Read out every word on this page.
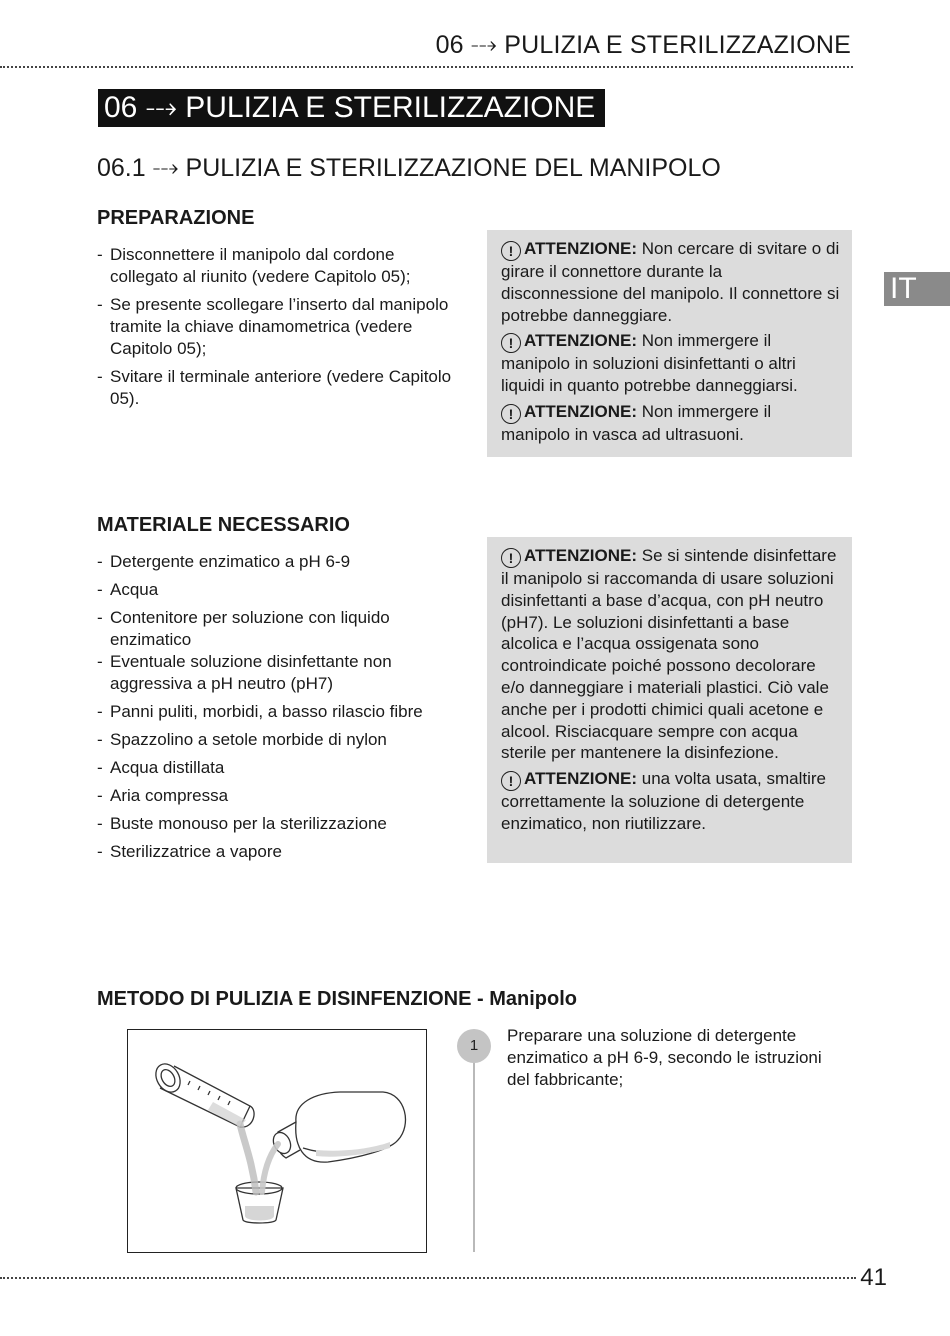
06 ⤏ PULIZIA E STERILIZZAZIONE
IT
06 ⤏ PULIZIA E STERILIZZAZIONE
06.1 ⤏ PULIZIA E STERILIZZAZIONE DEL MANIPOLO
PREPARAZIONE
- Disconnettere il manipolo dal cordone collegato al riunito (vedere Capitolo 05);
- Se presente scollegare l’inserto dal manipolo tramite la chiave dinamometrica (vedere Capitolo 05);
- Svitare il terminale anteriore (vedere Capitolo 05).
! ATTENZIONE: Non cercare di svitare o di girare il connettore durante la disconnessione del manipolo. Il connettore si potrebbe danneggiare.
! ATTENZIONE: Non immergere il manipolo in soluzioni disinfettanti o altri liquidi in quanto potrebbe danneggiarsi.
! ATTENZIONE: Non immergere il manipolo in vasca ad ultrasuoni.
MATERIALE NECESSARIO
- Detergente enzimatico a pH 6-9
- Acqua
- Contenitore per soluzione con liquido enzimatico
- Eventuale soluzione disinfettante non aggressiva a pH neutro (pH7)
- Panni puliti, morbidi, a basso rilascio fibre
- Spazzolino a setole morbide di nylon
- Acqua distillata
- Aria compressa
- Buste monouso per la sterilizzazione
- Sterilizzatrice a vapore
! ATTENZIONE: Se si sintende disinfettare il manipolo si raccomanda di usare soluzioni disinfettanti a base d’acqua, con pH neutro (pH7). Le soluzioni disinfettanti a base alcolica e l’acqua ossigenata sono controindicate poiché possono decolorare e/o danneggiare i materiali plastici. Ciò vale anche per i prodotti chimici quali acetone e alcool. Risciacquare sempre con acqua sterile per mantenere la disinfezione.
! ATTENZIONE: una volta usata, smaltire correttamente la soluzione di detergente enzimatico, non riutilizzare.
METODO DI PULIZIA E DISINFENZIONE - Manipolo
1
Preparare una soluzione di detergente enzimatico a pH 6-9, secondo le istruzioni del fabbricante;
41
